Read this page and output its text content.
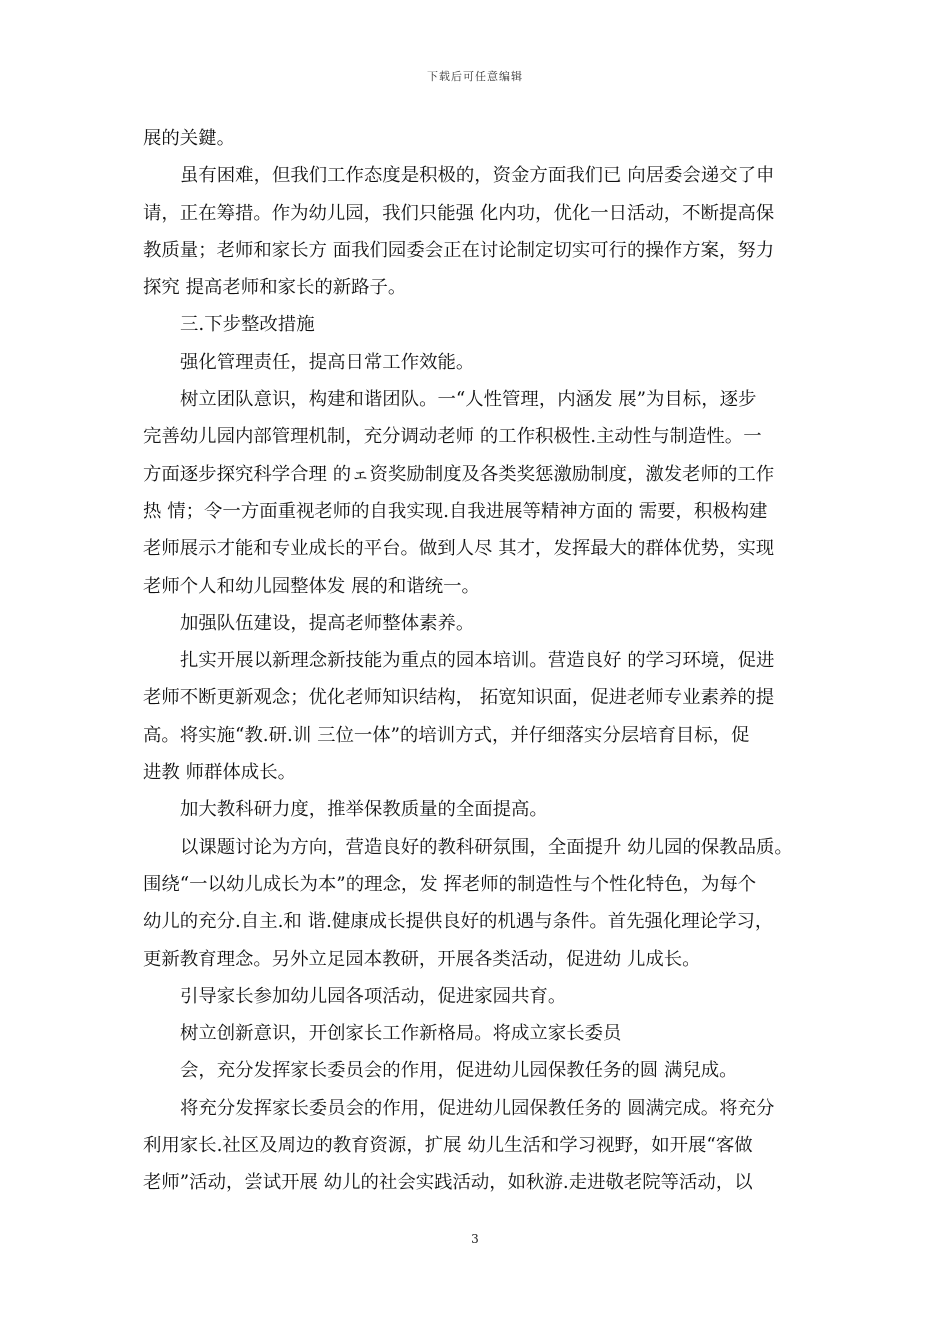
下载后可任意编辑
展的关鍵。
虽有困难，但我们工作态度是积极的，资金方面我们已 向居委会递交了申
请，正在筹措。作为幼儿园，我们只能强 化内功，优化一日活动，不断提高保
教质量；老师和家长方 面我们园委会正在讨论制定切实可行的操作方案，努力
探究 提高老师和家长的新路子。
三.下步整改措施
强化管理责任，提高日常工作效能。
树立团队意识，构建和谐团队。一“人性管理，内涵发 展”为目标，逐步
完善幼儿园内部管理机制，充分调动老师 的工作积极性.主动性与制造性。一
方面逐步探究科学合理 的ェ资奖励制度及各类奖惩激励制度，激发老师的工作
热 情；令一方面重视老师的自我实现.自我进展等精神方面的 需要，积极构建
老师展示才能和专业成长的平台。做到人尽 其才，发挥最大的群体优势，实现
老师个人和幼儿园整体发 展的和谐统一。
加强队伍建设，提高老师整体素养。
扎实开展以新理念新技能为重点的园本培训。营造良好 的学习环境，促进
老师不断更新观念；优化老师知识结构， 拓宽知识面，促进老师专业素养的提
高。将实施“教.研.训 三位一体”的培训方式，并仔细落实分层培育目标，促
进教 师群体成长。
加大教科研力度，推举保教质量的全面提高。
以课题讨论为方向，营造良好的教科研氛围，全面提升 幼儿园的保教品质。
围绕“一以幼儿成长为本”的理念，发 挥老师的制造性与个性化特色，为每个
幼儿的充分.自主.和 谐.健康成长提供良好的机遇与条件。首先强化理论学习，
更新教育理念。另外立足园本教研，开展各类活动，促进幼 儿成长。
引导家长参加幼儿园各项活动，促进家园共育。
树立创新意识，开创家长工作新格局。将成立家长委员
会，充分发挥家长委员会的作用，促进幼儿园保教任务的圆 满兒成。
将充分发挥家长委员会的作用，促进幼儿园保教任务的 圆满完成。将充分
利用家长.社区及周边的教育资源，扩展 幼儿生活和学习视野，如开展“客做
老师”活动，尝试开展 幼儿的社会实践活动，如秋游.走进敬老院等活动，以
3
